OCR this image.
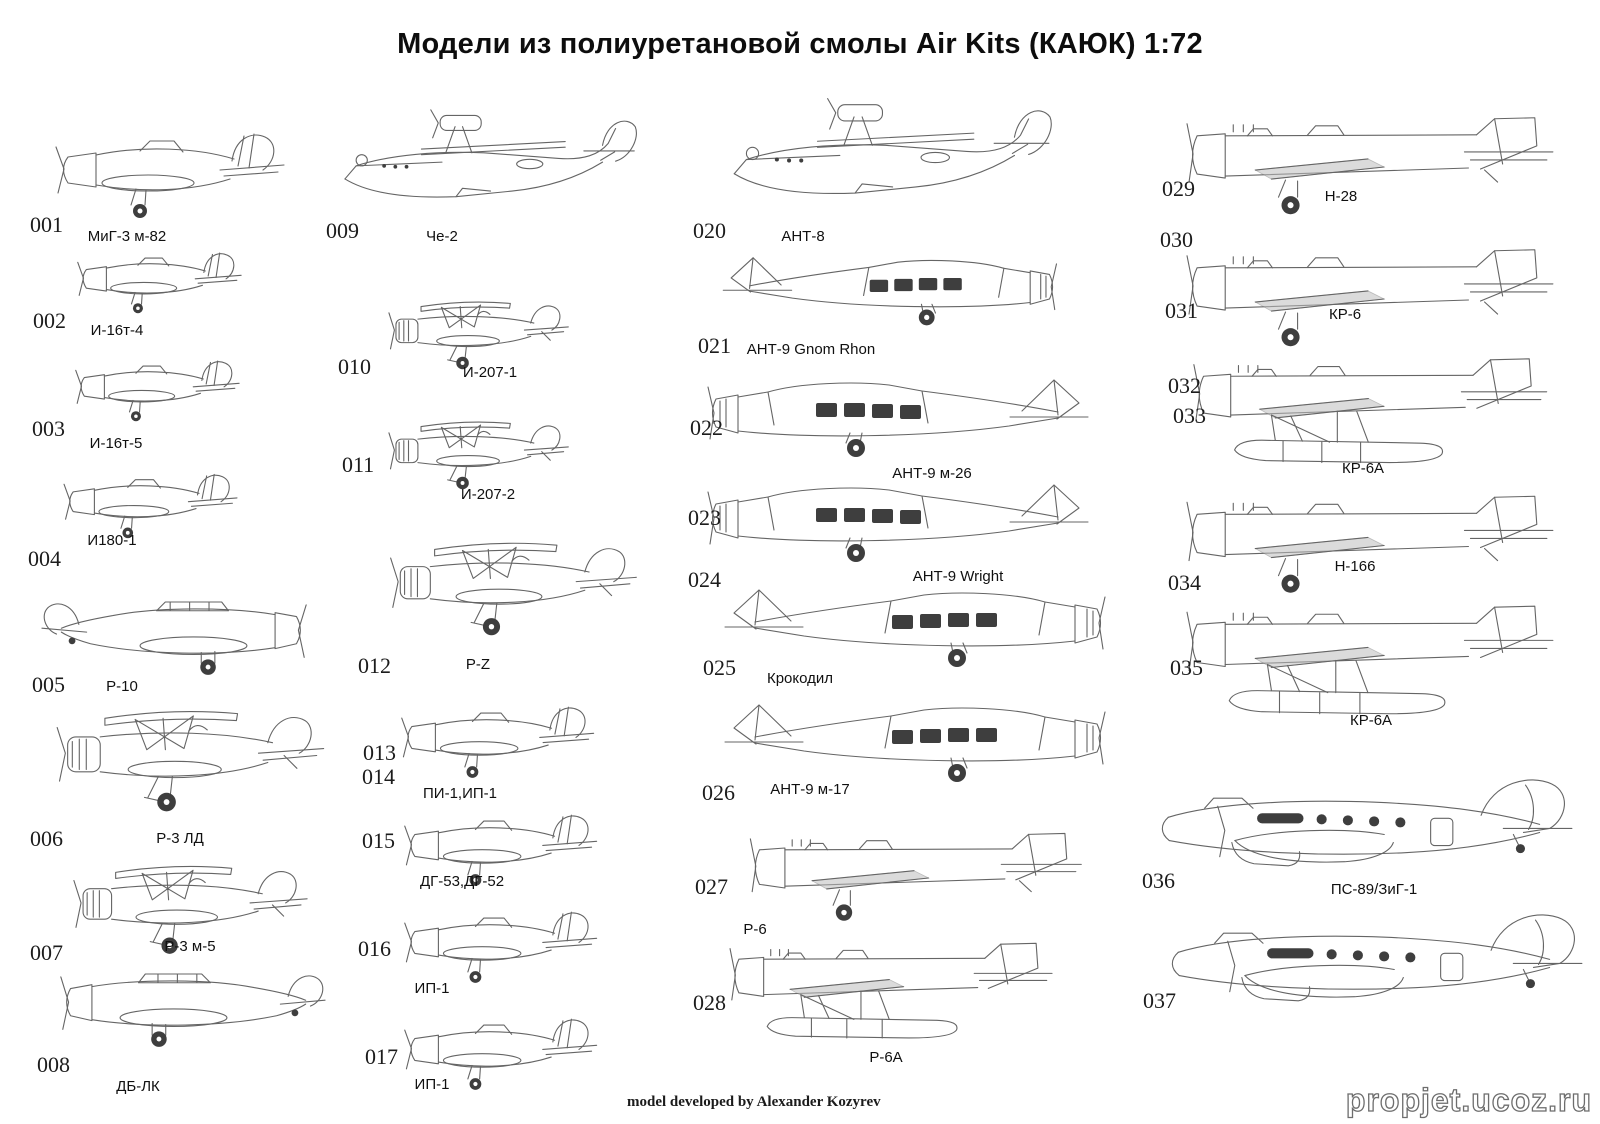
Модели из полиуретановой смолы Air Kits (КАЮК) 1:72
001 МиГ-3 м-82
002 И-16т-4
003
И-16т-5
004
И180-1
005	Р-10
006	Р-3 ЛД
007	Р-3 м-5
008
ДБ-ЛК
009	Че-2
010	И-207-1
011
И-207-2
012	Р-Z
013
014
ПИ-1,ИП-1
015
ДГ-53,ДГ-52
016
ИП-1
017
ИП-1
020	АНТ-8
021 АНТ-9 Gnom Rhon
022
АНТ-9 м-26
023
024	АНТ-9 Wright
025 Крокодил
026 АНТ-9 м-17
027
Р-6
028
Р-6А
029	Н-28
030
031	КР-6
032
033
КР-6А
034
Н-166
035
КР-6А
036	ПС-89/ЗиГ-1
037
model developed by Alexander Kozyrev	propjet.ucoz.ru
